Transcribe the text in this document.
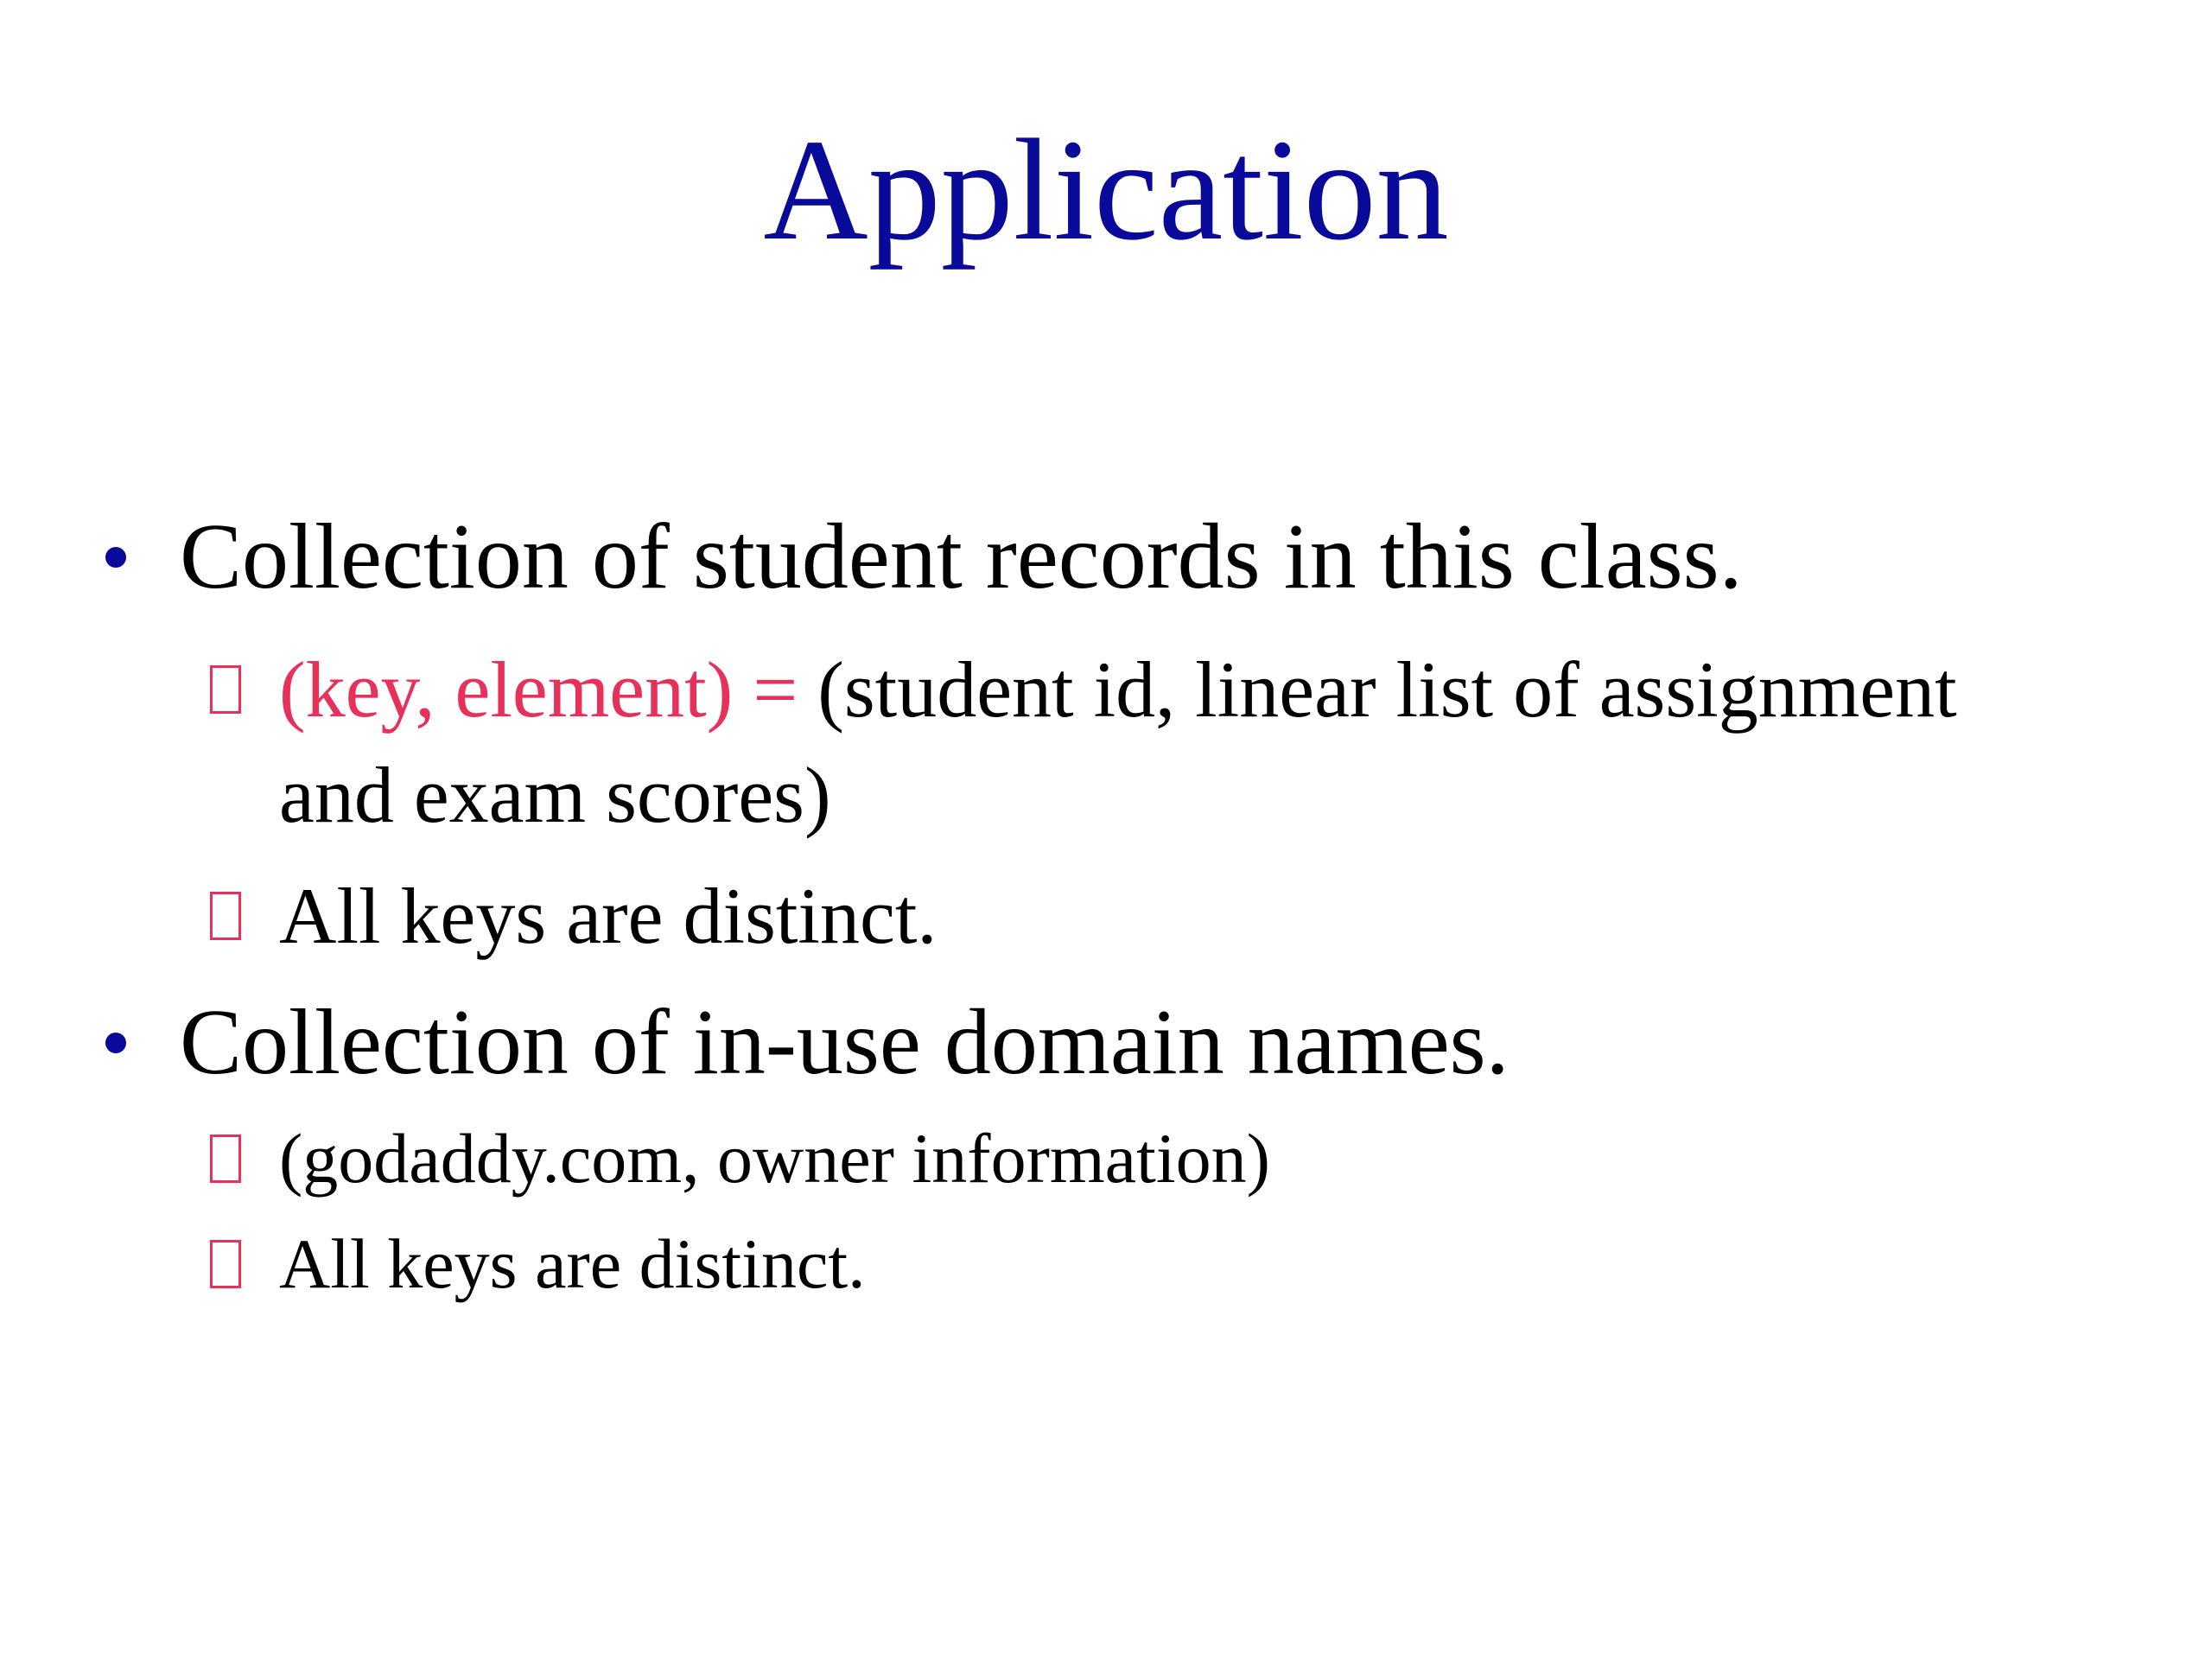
Application
Collection of student records in this class.
(key, element) = (student id, linear list of assignment
and exam scores)
All keys are distinct.
Collection of in-use domain names.
(godaddy.com, owner information)
All keys are distinct.
